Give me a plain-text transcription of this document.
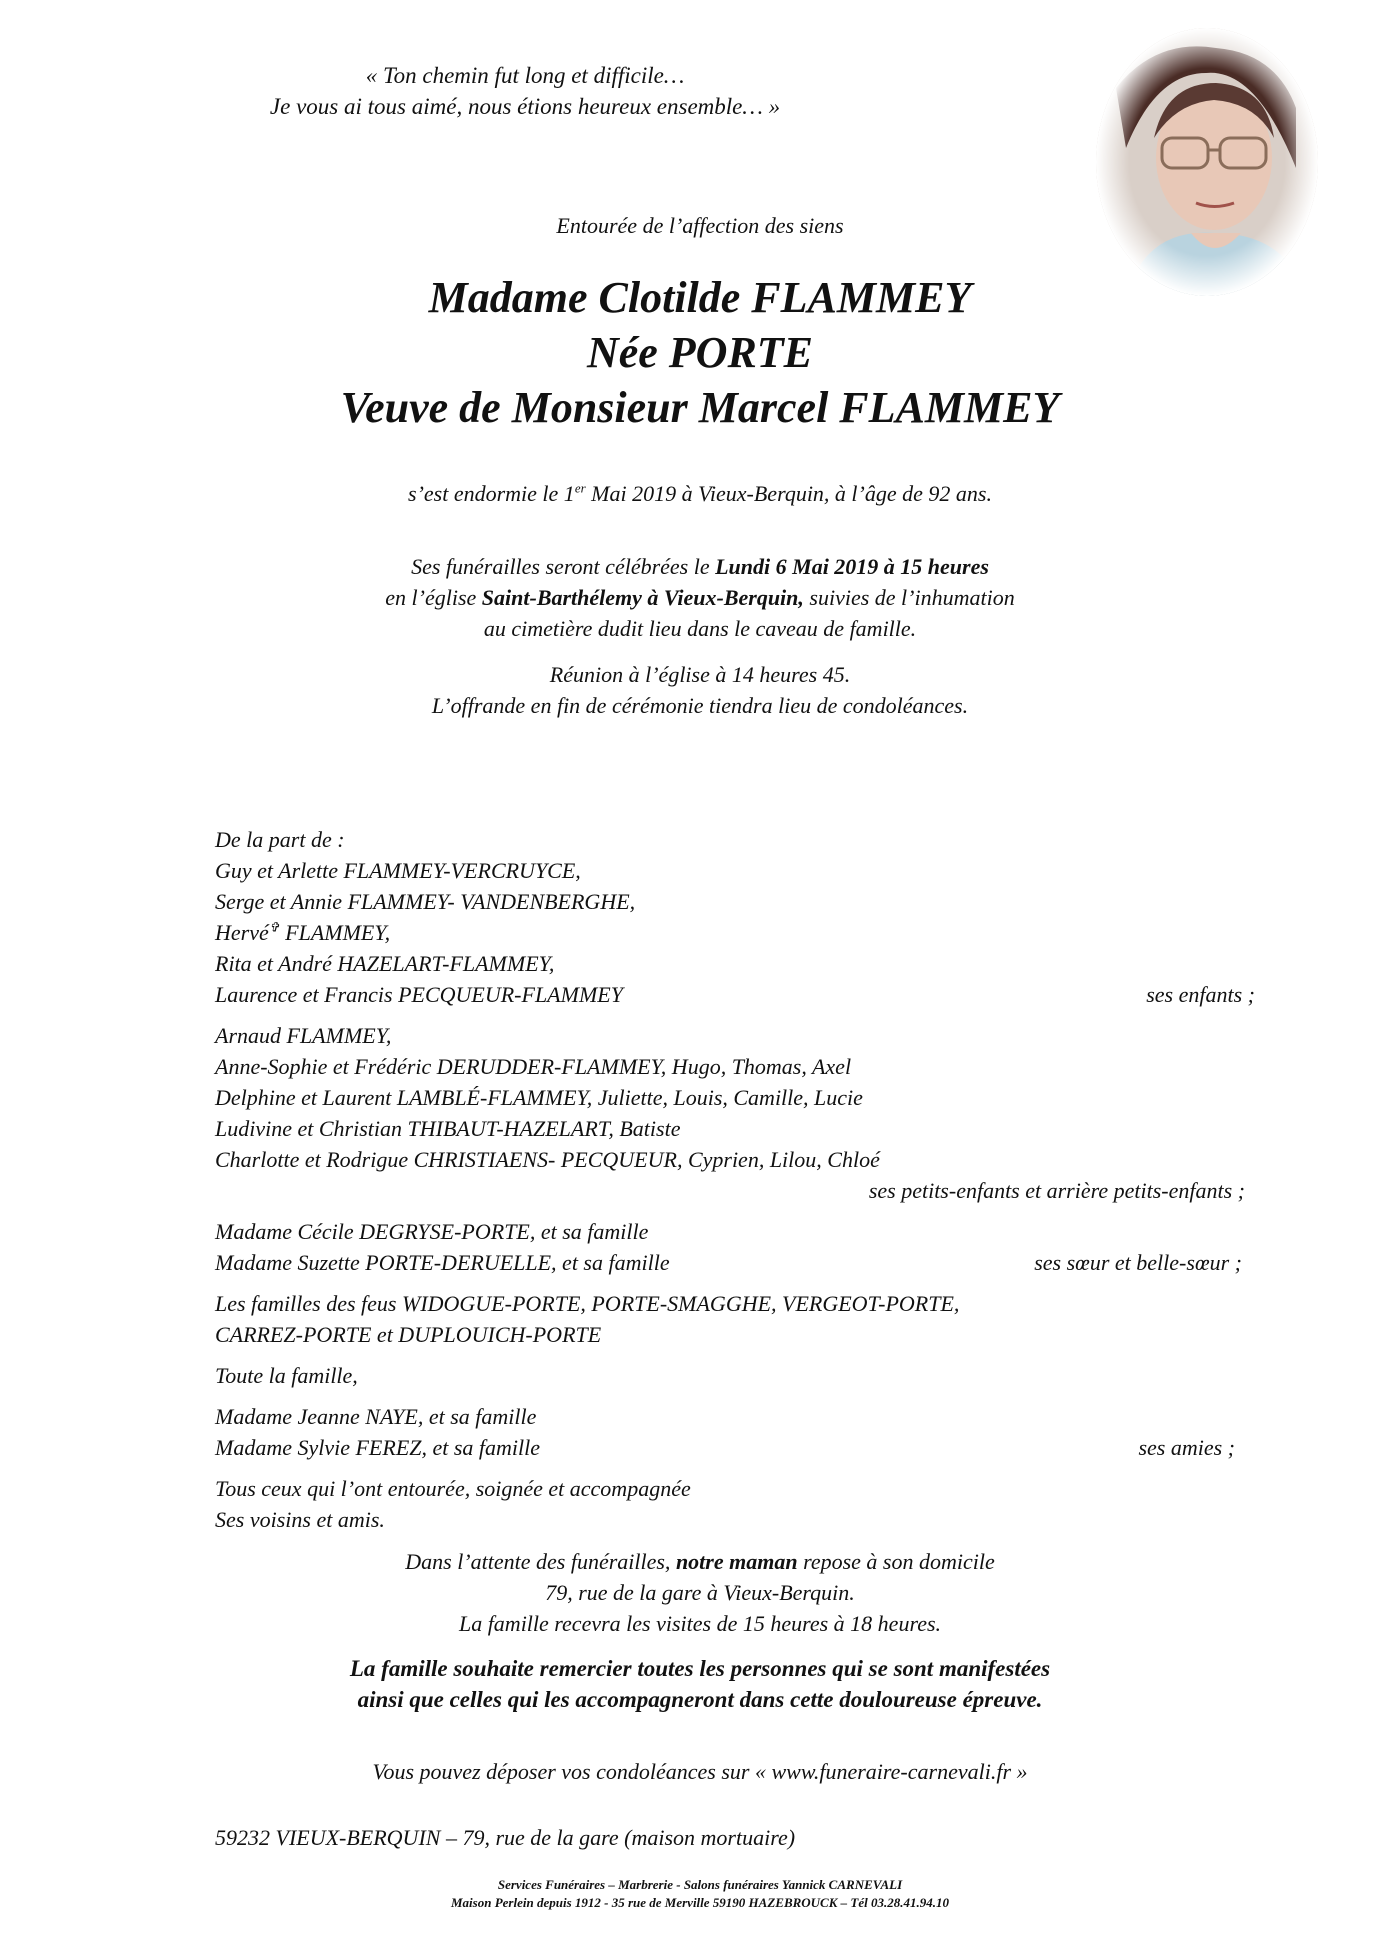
« Ton chemin fut long et difficile…
Je vous ai tous aimé, nous étions heureux ensemble… »
Entourée de l’affection des siens
Madame Clotilde FLAMMEY
Née PORTE
Veuve de Monsieur Marcel FLAMMEY
s’est endormie le 1er Mai 2019 à Vieux-Berquin, à l’âge de 92 ans.
Ses funérailles seront célébrées le Lundi 6 Mai 2019 à 15 heures
en l’église Saint-Barthélemy à Vieux-Berquin, suivies de l’inhumation
au cimetière dudit lieu dans le caveau de famille.
Réunion à l’église à 14 heures 45.
L’offrande en fin de cérémonie tiendra lieu de condoléances.
De la part de :
Guy et Arlette FLAMMEY-VERCRUYCE,
Serge et Annie FLAMMEY- VANDENBERGHE,
Hervé✞ FLAMMEY,
Rita et André HAZELART-FLAMMEY,
Laurence et Francis PECQUEUR-FLAMMEY	ses enfants ;
Arnaud FLAMMEY,
Anne-Sophie et Frédéric DERUDDER-FLAMMEY, Hugo, Thomas, Axel
Delphine et Laurent LAMBLÉ-FLAMMEY, Juliette, Louis, Camille, Lucie
Ludivine et Christian THIBAUT-HAZELART, Batiste
Charlotte et Rodrigue CHRISTIAENS- PECQUEUR, Cyprien, Lilou, Chloé
ses petits-enfants et arrière petits-enfants ;
Madame Cécile DEGRYSE-PORTE, et sa famille
Madame Suzette PORTE-DERUELLE, et sa famille	ses sœur et belle-sœur ;
Les familles des feus WIDOGUE-PORTE, PORTE-SMAGGHE, VERGEOT-PORTE,
CARREZ-PORTE et DUPLOUICH-PORTE
Toute la famille,
Madame Jeanne NAYE, et sa famille
Madame Sylvie FEREZ, et sa famille	ses amies ;
Tous ceux qui l’ont entourée, soignée et accompagnée
Ses voisins et amis.
Dans l’attente des funérailles, notre maman repose à son domicile
79, rue de la gare à Vieux-Berquin.
La famille recevra les visites de 15 heures à 18 heures.
La famille souhaite remercier toutes les personnes qui se sont manifestées
ainsi que celles qui les accompagneront dans cette douloureuse épreuve.
Vous pouvez déposer vos condoléances sur « www.funeraire-carnevali.fr »
59232 VIEUX-BERQUIN – 79, rue de la gare (maison mortuaire)
Services Funéraires – Marbrerie - Salons funéraires Yannick CARNEVALI
Maison Perlein depuis 1912 - 35 rue de Merville 59190 HAZEBROUCK – Tél 03.28.41.94.10
